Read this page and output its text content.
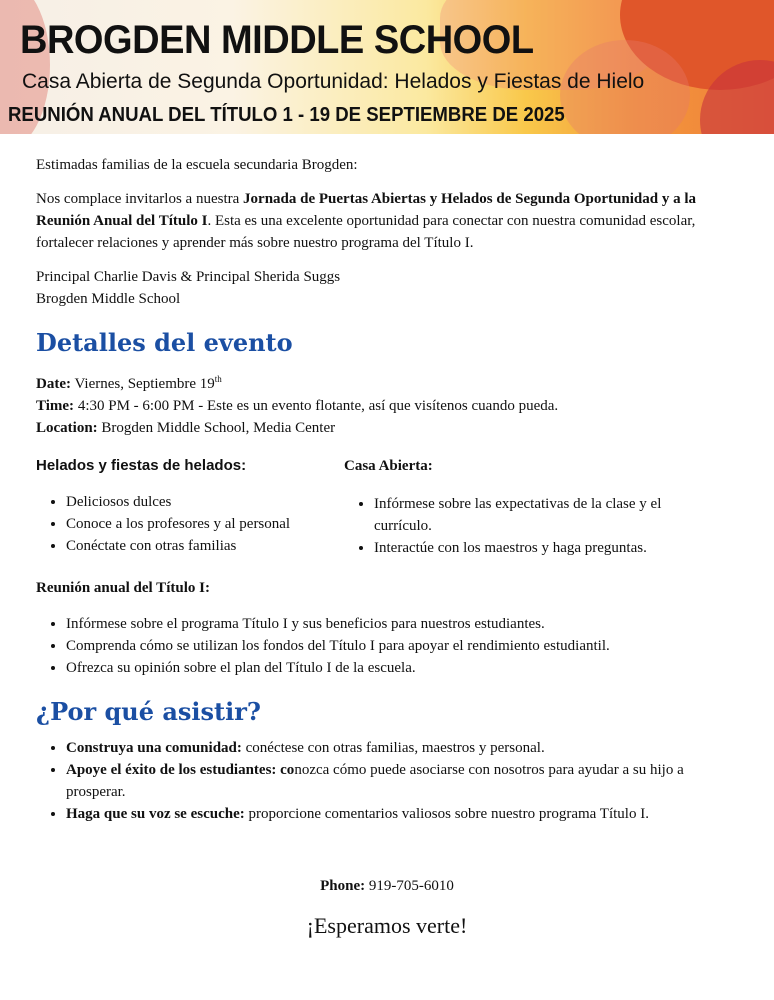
BROGDEN MIDDLE SCHOOL
Casa Abierta de Segunda Oportunidad: Helados y Fiestas de Hielo
REUNIÓN ANUAL DEL TÍTULO 1 - 19 DE SEPTIEMBRE DE 2025

Estimadas familias de la escuela secundaria Brogden:

Nos complace invitarlos a nuestra Jornada de Puertas Abiertas y Helados de Segunda Oportunidad y a la Reunión Anual del Título I. Esta es una excelente oportunidad para conectar con nuestra comunidad escolar, fortalecer relaciones y aprender más sobre nuestro programa del Título I.

Principal Charlie Davis & Principal Sherida Suggs
Brogden Middle School

Detalles del evento
Date: Viernes, Septiembre 19th
Time: 4:30 PM - 6:00 PM - Este es un evento flotante, así que visítenos cuando pueda.
Location: Brogden Middle School, Media Center
Helados y fiestas de helados:
• Deliciosos dulces
• Conoce a los profesores y al personal
• Conéctate con otras familias
Casa Abierta:
• Infórmese sobre las expectativas de la clase y el currículo.
• Interactúe con los maestros y haga preguntas.
Reunión anual del Título I:
• Infórmese sobre el programa Título I y sus beneficios para nuestros estudiantes.
• Comprenda cómo se utilizan los fondos del Título I para apoyar el rendimiento estudiantil.
• Ofrezca su opinión sobre el plan del Título I de la escuela.
¿Por qué asistir?
• Construya una comunidad: conéctese con otras familias, maestros y personal.
• Apoye el éxito de los estudiantes: conozca cómo puede asociarse con nosotros para ayudar a su hijo a prosperar.
• Haga que su voz se escuche: proporcione comentarios valiosos sobre nuestro programa Título I.
Phone: 919-705-6010
¡Esperamos verte!
